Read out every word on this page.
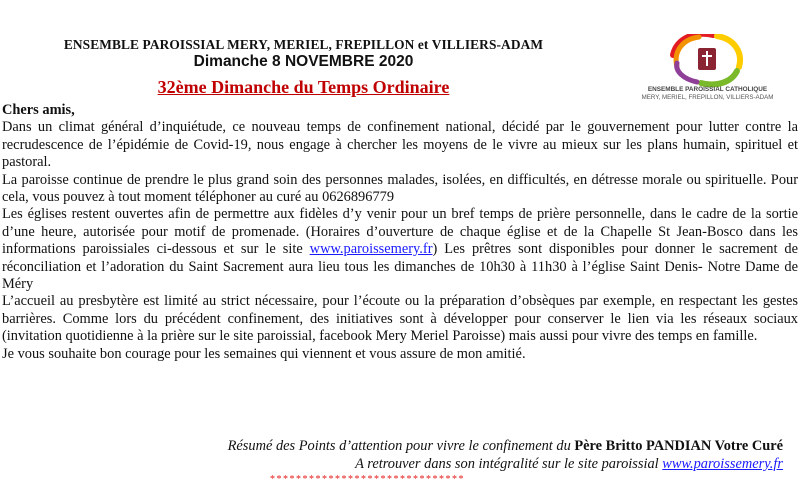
ENSEMBLE PAROISSIAL MERY, MERIEL, FREPILLON et VILLIERS-ADAM
Dimanche 8 NOVEMBRE 2020
32ème Dimanche du Temps Ordinaire	ENSEMBLE PAROISSIAL CATHOLIQUE
MERY, MERIEL, FREPILLON, VILLIERS-ADAM

Chers amis,

Dans un climat général d’inquiétude, ce nouveau temps de confinement national, décidé par le gouvernement pour lutter contre la recrudescence de l’épidémie de Covid-19, nous engage à chercher les moyens de le vivre au mieux sur les plans humain, spirituel et pastoral.

La paroisse continue de prendre le plus grand soin des personnes malades, isolées, en difficultés, en détresse morale ou spirituelle. Pour cela, vous pouvez à tout moment téléphoner au curé au 0626896779

Les églises restent ouvertes afin de permettre aux fidèles d’y venir pour un bref temps de prière personnelle, dans le cadre de la sortie d’une heure, autorisée pour motif de promenade. (Horaires d’ouverture de chaque église et de la Chapelle St Jean-Bosco dans les informations paroissiales ci-dessous et sur le site www.paroissemery.fr) Les prêtres sont disponibles pour donner le sacrement de réconciliation et l’adoration du Saint Sacrement aura lieu tous les dimanches de 10h30 à 11h30 à l’église Saint Denis- Notre Dame de Méry

L’accueil au presbytère est limité au strict nécessaire, pour l’écoute ou la préparation d’obsèques par exemple, en respectant les gestes barrières. Comme lors du précédent confinement, des initiatives sont à développer pour conserver le lien via les réseaux sociaux (invitation quotidienne à la prière sur le site paroissial, facebook Mery Meriel Paroisse) mais aussi pour vivre des temps en famille.

Je vous souhaite bon courage pour les semaines qui viennent et vous assure de mon amitié.

Résumé des Points d’attention pour vivre le confinement du Père Britto PANDIAN Votre Curé
A retrouver dans son intégralité sur le site paroissial www.paroissemery.fr
******************************
